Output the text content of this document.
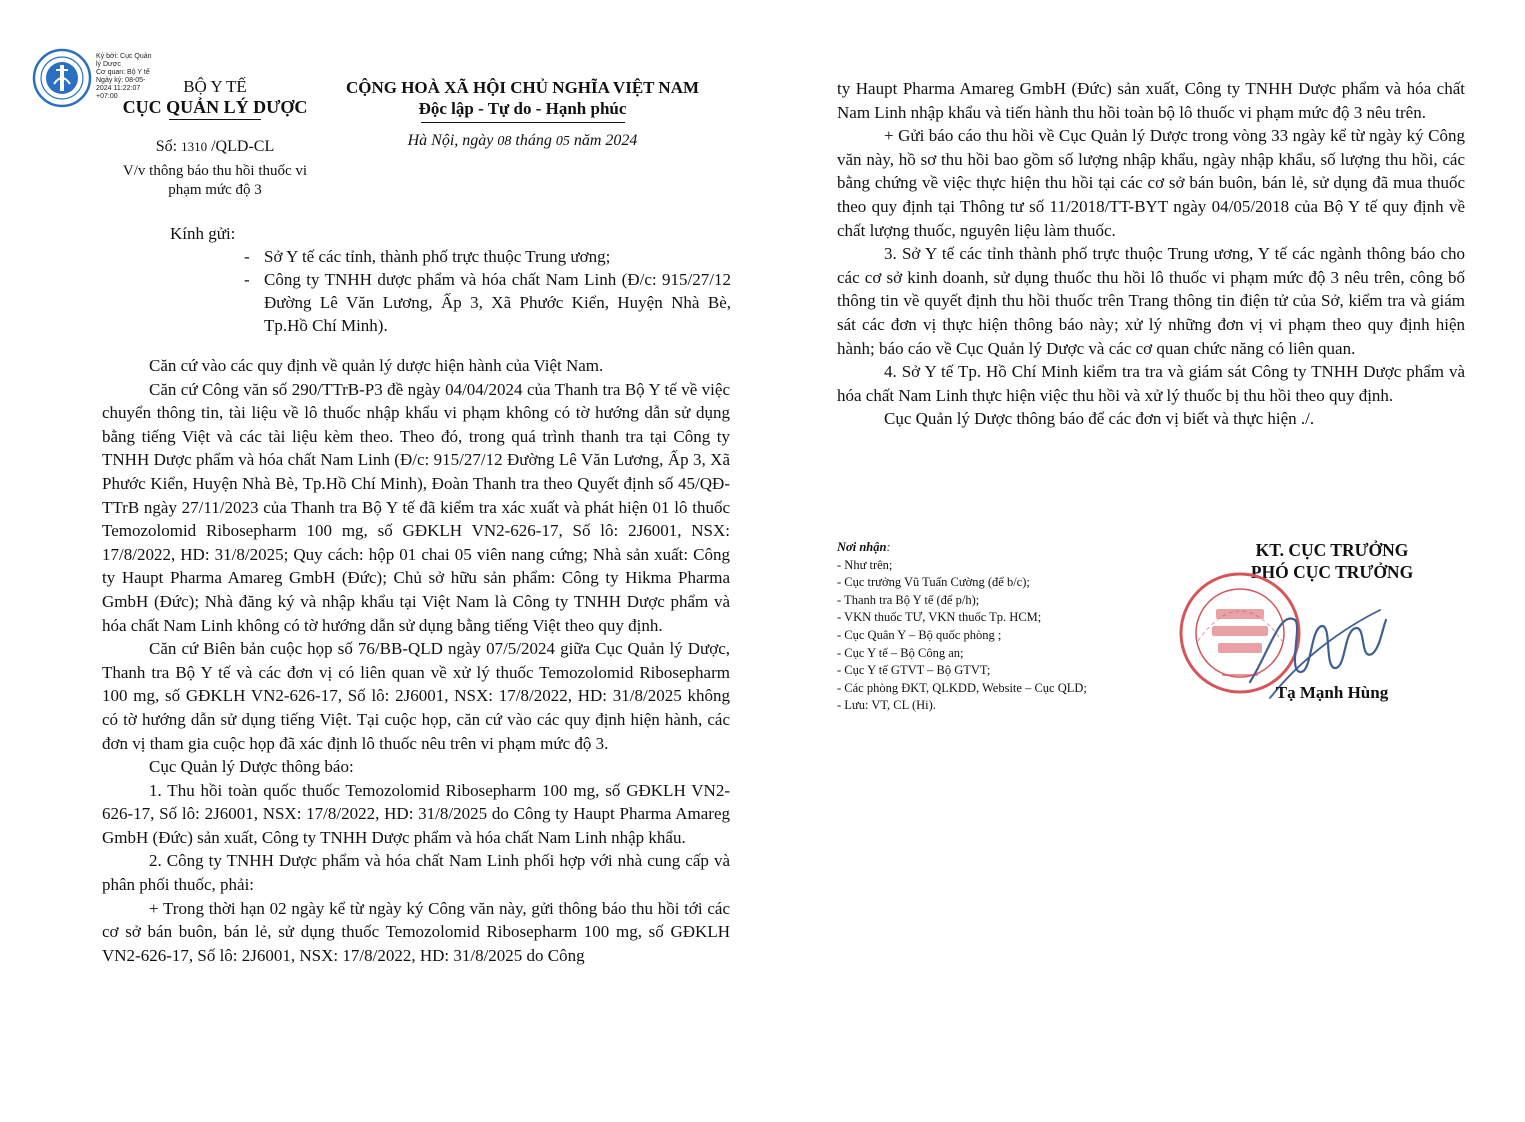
Ký bởi: Cục Quản
lý Dược
Cơ quan: Bộ Y tế
Ngày ký: 08-05-
2024 11:22:07
+07:00
BỘ Y TẾ
CỤC QUẢN LÝ DƯỢC
Số: 1310 /QLD-CL
V/v thông báo thu hồi thuốc vi
phạm mức độ 3
CỘNG HOÀ XÃ HỘI CHỦ NGHĨA VIỆT NAM
Độc lập - Tự do - Hạnh phúc
Hà Nội, ngày 08 tháng 05 năm 2024
Kính gửi:
- Sở Y tế các tỉnh, thành phố trực thuộc Trung ương;
- Công ty TNHH dược phẩm và hóa chất Nam Linh (Đ/c: 915/27/12 Đường Lê Văn Lương, Ấp 3, Xã Phước Kiển, Huyện Nhà Bè, Tp.Hồ Chí Minh).

Căn cứ vào các quy định về quản lý dược hiện hành của Việt Nam.

Căn cứ Công văn số 290/TTrB-P3 đề ngày 04/04/2024 của Thanh tra Bộ Y tế về việc chuyển thông tin, tài liệu về lô thuốc nhập khẩu vi phạm không có tờ hướng dẫn sử dụng bằng tiếng Việt và các tài liệu kèm theo. Theo đó, trong quá trình thanh tra tại Công ty TNHH Dược phẩm và hóa chất Nam Linh (Đ/c: 915/27/12 Đường Lê Văn Lương, Ấp 3, Xã Phước Kiển, Huyện Nhà Bè, Tp.Hồ Chí Minh), Đoàn Thanh tra theo Quyết định số 45/QĐ-TTrB ngày 27/11/2023 của Thanh tra Bộ Y tế đã kiểm tra xác xuất và phát hiện 01 lô thuốc Temozolomid Ribosepharm 100 mg, số GĐKLH VN2-626-17, Số lô: 2J6001, NSX: 17/8/2022, HD: 31/8/2025; Quy cách: hộp 01 chai 05 viên nang cứng; Nhà sản xuất: Công ty Haupt Pharma Amareg GmbH (Đức); Chủ sở hữu sản phẩm: Công ty Hikma Pharma GmbH (Đức); Nhà đăng ký và nhập khẩu tại Việt Nam là Công ty TNHH Dược phẩm và hóa chất Nam Linh không có tờ hướng dẫn sử dụng bằng tiếng Việt theo quy định.

Căn cứ Biên bản cuộc họp số 76/BB-QLD ngày 07/5/2024 giữa Cục Quản lý Dược, Thanh tra Bộ Y tế và các đơn vị có liên quan về xử lý thuốc Temozolomid Ribosepharm 100 mg, số GĐKLH VN2-626-17, Số lô: 2J6001, NSX: 17/8/2022, HD: 31/8/2025 không có tờ hướng dẫn sử dụng tiếng Việt. Tại cuộc họp, căn cứ vào các quy định hiện hành, các đơn vị tham gia cuộc họp đã xác định lô thuốc nêu trên vi phạm mức độ 3.

Cục Quản lý Dược thông báo:

1. Thu hồi toàn quốc thuốc Temozolomid Ribosepharm 100 mg, số GĐKLH VN2-626-17, Số lô: 2J6001, NSX: 17/8/2022, HD: 31/8/2025 do Công ty Haupt Pharma Amareg GmbH (Đức) sản xuất, Công ty TNHH Dược phẩm và hóa chất Nam Linh nhập khẩu.

2. Công ty TNHH Dược phẩm và hóa chất Nam Linh phối hợp với nhà cung cấp và phân phối thuốc, phải:

+ Trong thời hạn 02 ngày kể từ ngày ký Công văn này, gửi thông báo thu hồi tới các cơ sở bán buôn, bán lẻ, sử dụng thuốc Temozolomid Ribosepharm 100 mg, số GĐKLH VN2-626-17, Số lô: 2J6001, NSX: 17/8/2022, HD: 31/8/2025 do Công

ty Haupt Pharma Amareg GmbH (Đức) sản xuất, Công ty TNHH Dược phẩm và hóa chất Nam Linh nhập khẩu và tiến hành thu hồi toàn bộ lô thuốc vi phạm mức độ 3 nêu trên.

+ Gửi báo cáo thu hồi về Cục Quản lý Dược trong vòng 33 ngày kể từ ngày ký Công văn này, hồ sơ thu hồi bao gồm số lượng nhập khẩu, ngày nhập khẩu, số lượng thu hồi, các bằng chứng về việc thực hiện thu hồi tại các cơ sở bán buôn, bán lẻ, sử dụng đã mua thuốc theo quy định tại Thông tư số 11/2018/TT-BYT ngày 04/05/2018 của Bộ Y tế quy định về chất lượng thuốc, nguyên liệu làm thuốc.

3. Sở Y tế các tỉnh thành phố trực thuộc Trung ương, Y tế các ngành thông báo cho các cơ sở kinh doanh, sử dụng thuốc thu hồi lô thuốc vi phạm mức độ 3 nêu trên, công bố thông tin về quyết định thu hồi thuốc trên Trang thông tin điện tử của Sở, kiểm tra và giám sát các đơn vị thực hiện thông báo này; xử lý những đơn vị vi phạm theo quy định hiện hành; báo cáo về Cục Quản lý Dược và các cơ quan chức năng có liên quan.

4. Sở Y tế Tp. Hồ Chí Minh kiểm tra tra và giám sát Công ty TNHH Dược phẩm và hóa chất Nam Linh thực hiện việc thu hồi và xử lý thuốc bị thu hồi theo quy định.

Cục Quản lý Dược thông báo để các đơn vị biết và thực hiện ./.

Nơi nhận:
- Như trên;
- Cục trưởng Vũ Tuấn Cường (để b/c);
- Thanh tra Bộ Y tế (để p/h);
- VKN thuốc TƯ, VKN thuốc Tp. HCM;
- Cục Quân Y – Bộ quốc phòng ;
- Cục Y tế – Bộ Công an;
- Cục Y tế GTVT – Bộ GTVT;
- Các phòng ĐKT, QLKDD, Website – Cục QLD;
- Lưu: VT, CL (Hi).
KT. CỤC TRƯỞNG
PHÓ CỤC TRƯỞNG
Tạ Mạnh Hùng
